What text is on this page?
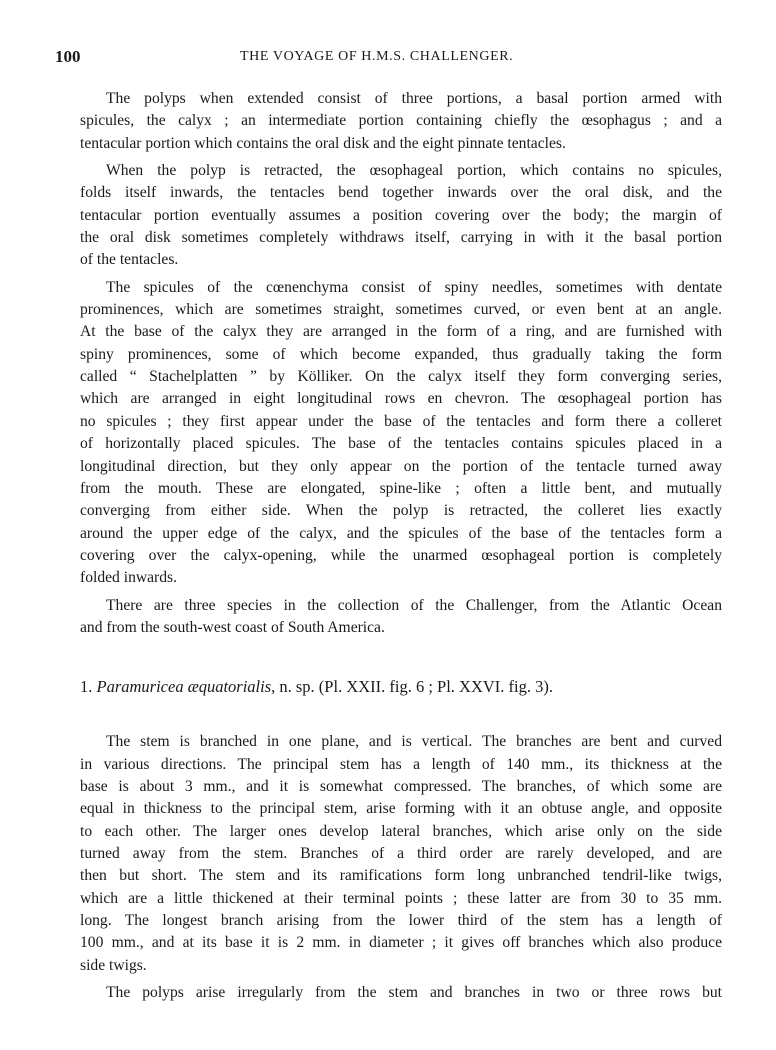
100	THE VOYAGE OF H.M.S. CHALLENGER.
The polyps when extended consist of three portions, a basal portion armed with
spicules, the calyx ; an intermediate portion containing chiefly the œsophagus ; and a
tentacular portion which contains the oral disk and the eight pinnate tentacles.
When the polyp is retracted, the œsophageal portion, which contains no spicules,
folds itself inwards, the tentacles bend together inwards over the oral disk, and the
tentacular portion eventually assumes a position covering over the body; the margin of
the oral disk sometimes completely withdraws itself, carrying in with it the basal portion
of the tentacles.
The spicules of the cœnenchyma consist of spiny needles, sometimes with dentate
prominences, which are sometimes straight, sometimes curved, or even bent at an angle.
At the base of the calyx they are arranged in the form of a ring, and are furnished with
spiny prominences, some of which become expanded, thus gradually taking the form
called “ Stachelplatten ” by Kölliker. On the calyx itself they form converging series,
which are arranged in eight longitudinal rows en chevron. The œsophageal portion has
no spicules ; they first appear under the base of the tentacles and form there a colleret
of horizontally placed spicules. The base of the tentacles contains spicules placed in a
longitudinal direction, but they only appear on the portion of the tentacle turned away
from the mouth. These are elongated, spine-like ; often a little bent, and mutually
converging from either side. When the polyp is retracted, the colleret lies exactly
around the upper edge of the calyx, and the spicules of the base of the tentacles form a
covering over the calyx-opening, while the unarmed œsophageal portion is completely
folded inwards.
There are three species in the collection of the Challenger, from the Atlantic Ocean
and from the south-west coast of South America.
1. Paramuricea æquatorialis, n. sp. (Pl. XXII. fig. 6 ; Pl. XXVI. fig. 3).
The stem is branched in one plane, and is vertical. The branches are bent and curved
in various directions. The principal stem has a length of 140 mm., its thickness at the
base is about 3 mm., and it is somewhat compressed. The branches, of which some are
equal in thickness to the principal stem, arise forming with it an obtuse angle, and opposite
to each other. The larger ones develop lateral branches, which arise only on the side
turned away from the stem. Branches of a third order are rarely developed, and are
then but short. The stem and its ramifications form long unbranched tendril-like twigs,
which are a little thickened at their terminal points ; these latter are from 30 to 35 mm.
long. The longest branch arising from the lower third of the stem has a length of
100 mm., and at its base it is 2 mm. in diameter ; it gives off branches which also produce
side twigs.
The polyps arise irregularly from the stem and branches in two or three rows but
